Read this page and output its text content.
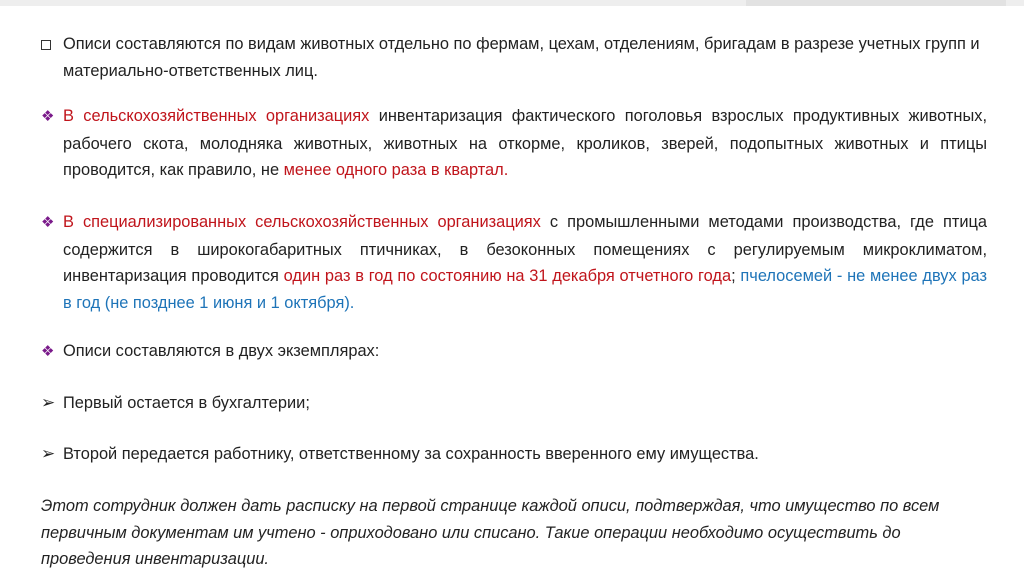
Описи составляются по видам животных отдельно по фермам, цехам, отделениям, бригадам в разрезе учетных групп и материально-ответственных лиц.
❖ В сельскохозяйственных организациях инвентаризация фактического поголовья взрослых продуктивных животных, рабочего скота, молодняка животных, животных на откорме, кроликов, зверей, подопытных животных и птицы проводится, как правило, не менее одного раза в квартал.
❖ В специализированных сельскохозяйственных организациях с промышленными методами производства, где птица содержится в широкогабаритных птичниках, в безоконных помещениях с регулируемым микроклиматом, инвентаризация проводится один раз в год по состоянию на 31 декабря отчетного года; пчелосемей - не менее двух раз в год (не позднее 1 июня и 1 октября).
❖ Описи составляются в двух экземплярах:
➢ Первый остается в бухгалтерии;
➢ Второй передается работнику, ответственному за сохранность вверенного ему имущества.
Этот сотрудник должен дать расписку на первой странице каждой описи, подтверждая, что имущество по всем первичным документам им учтено - оприходовано или списано. Такие операции необходимо осуществить до проведения инвентаризации.
